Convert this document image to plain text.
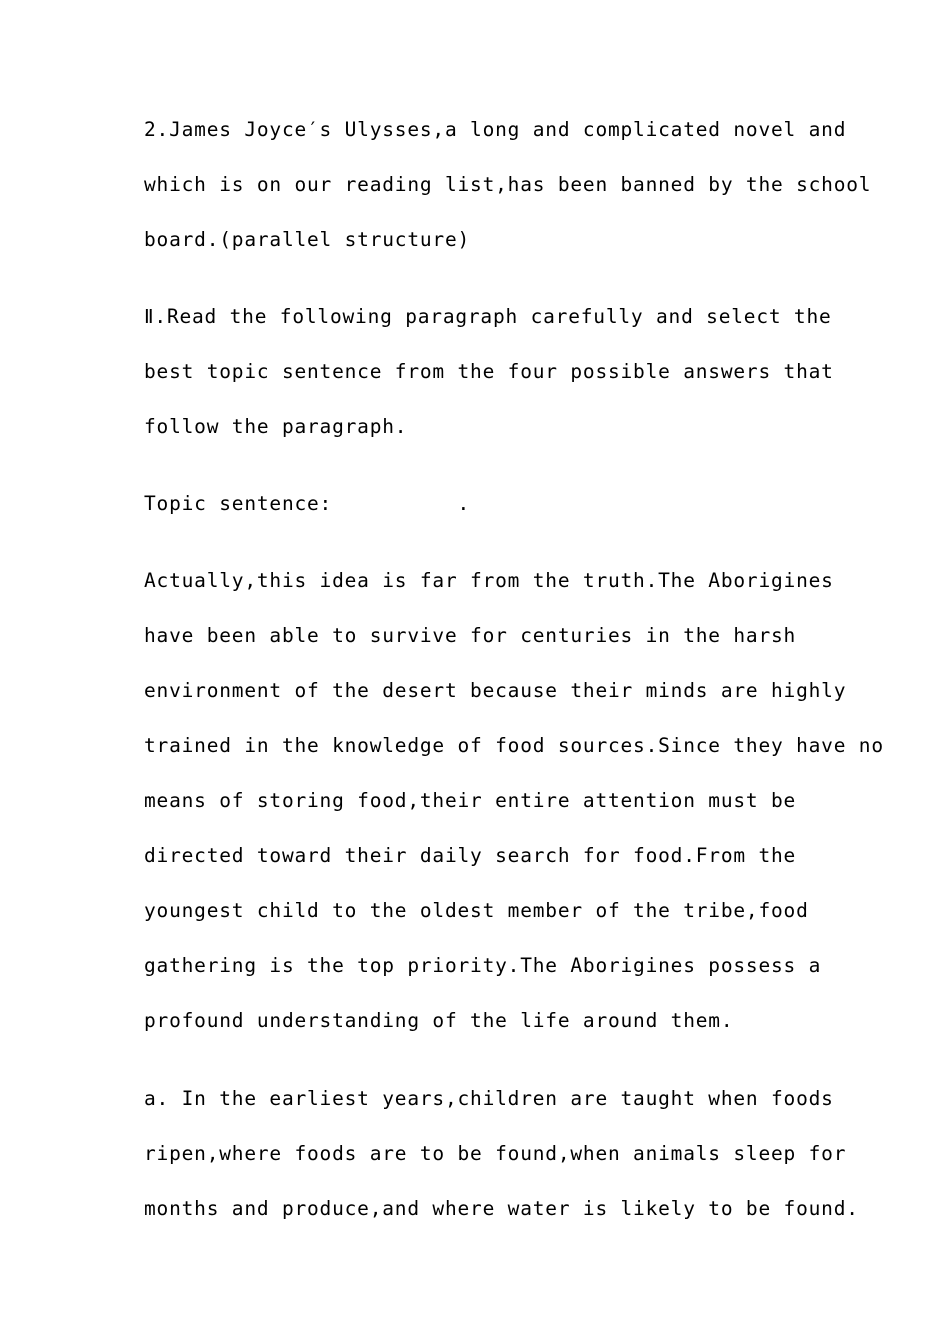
2.James Joyce′s Ulysses,a long and complicated novel and

which is on our reading list,has been banned by the school

board.(parallel structure)

Ⅱ.Read the following paragraph carefully and select the

best topic sentence from the four possible answers that

follow the paragraph.

Topic sentence:          .

Actually,this idea is far from the truth.The Aborigines

have been able to survive for centuries in the harsh

environment of the desert because their minds are highly

trained in the knowledge of food sources.Since they have no

means of storing food,their entire attention must be

directed toward their daily search for food.From the

youngest child to the oldest member of the tribe,food

gathering is the top priority.The Aborigines possess a

profound understanding of the life around them.

a. In the earliest years,children are taught when foods

ripen,where foods are to be found,when animals sleep for

months and produce,and where water is likely to be found.
